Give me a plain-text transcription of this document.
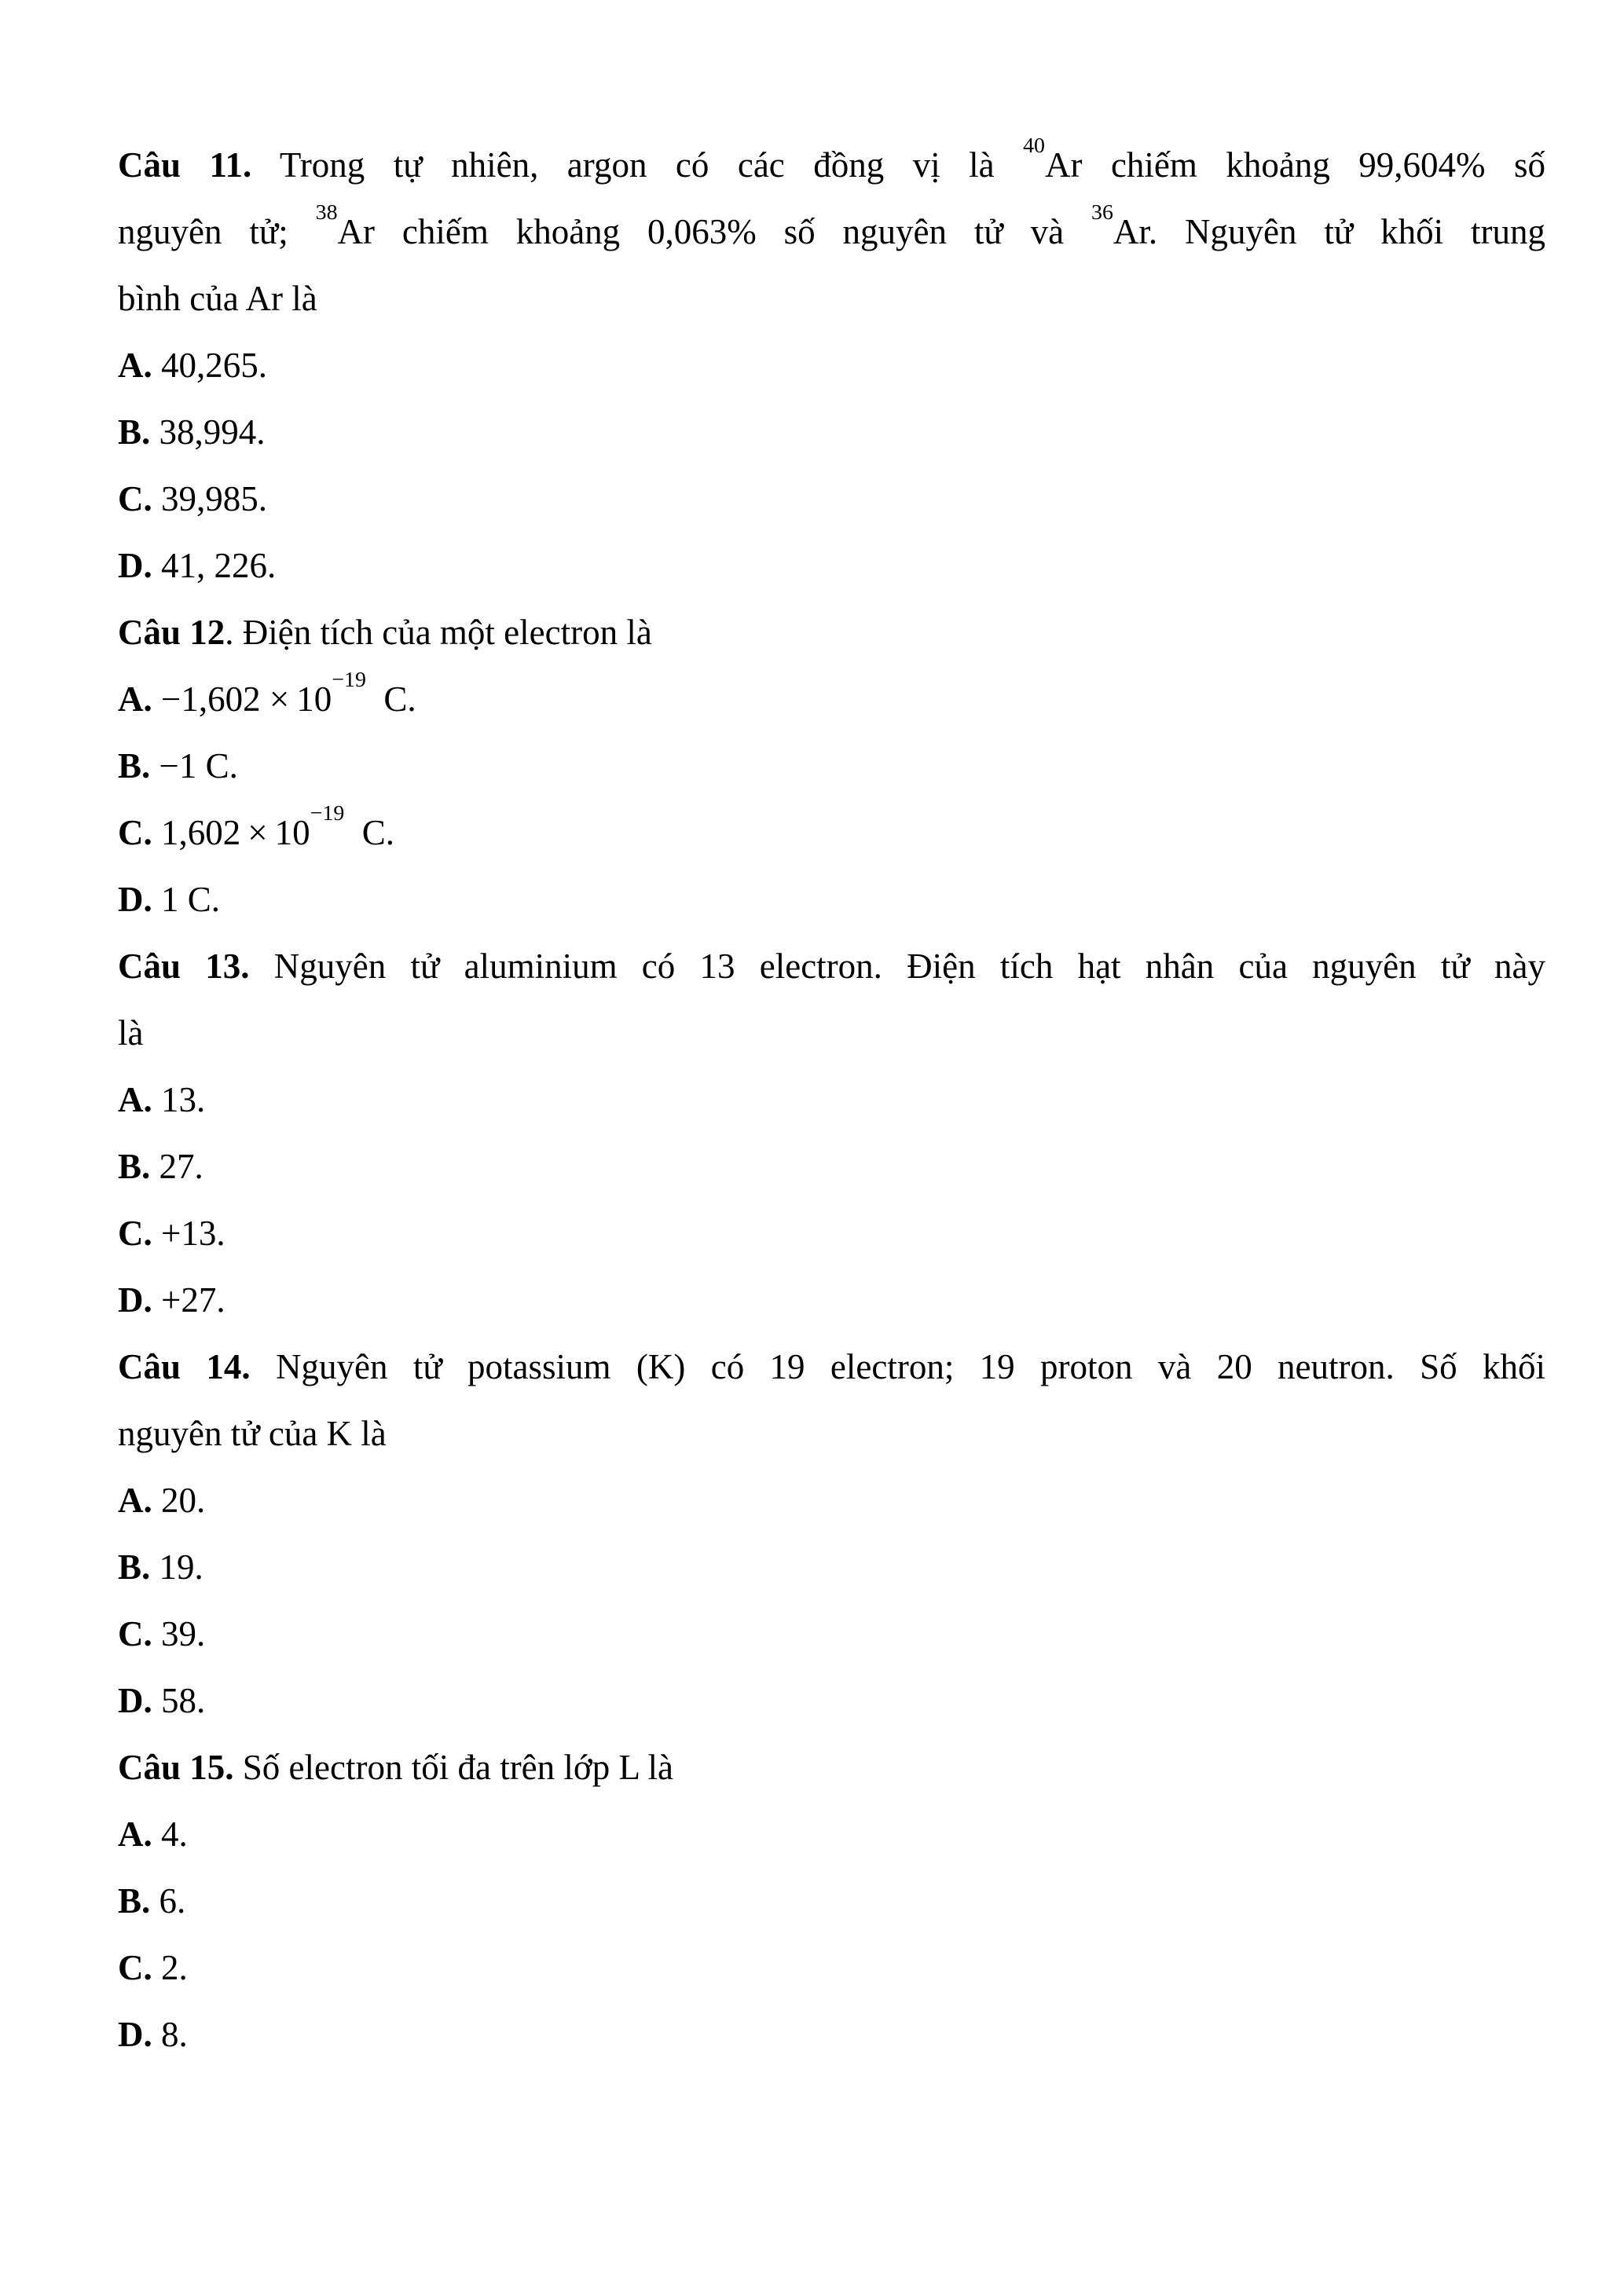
Câu 11. Trong tự nhiên, argon có các đồng vị là $^{40}$Ar chiếm khoảng 99,604% số
nguyên tử; $^{38}$Ar chiếm khoảng 0,063% số nguyên tử và $^{36}$Ar. Nguyên tử khối trung
bình của Ar là
A. 40,265.
B. 38,994.
C. 39,985.
D. 41, 226.
Câu 12. Điện tích của một electron là
A. $-1,602 \times 10^{-19}$ C.
B. −1 C.
C. $1,602 \times 10^{-19}$ C.
D. 1 C.
Câu 13. Nguyên tử aluminium có 13 electron. Điện tích hạt nhân của nguyên tử này
là
A. 13.
B. 27.
C. +13.
D. +27.
Câu 14. Nguyên tử potassium (K) có 19 electron; 19 proton và 20 neutron. Số khối
nguyên tử của K là
A. 20.
B. 19.
C. 39.
D. 58.
Câu 15. Số electron tối đa trên lớp L là
A. 4.
B. 6.
C. 2.
D. 8.
